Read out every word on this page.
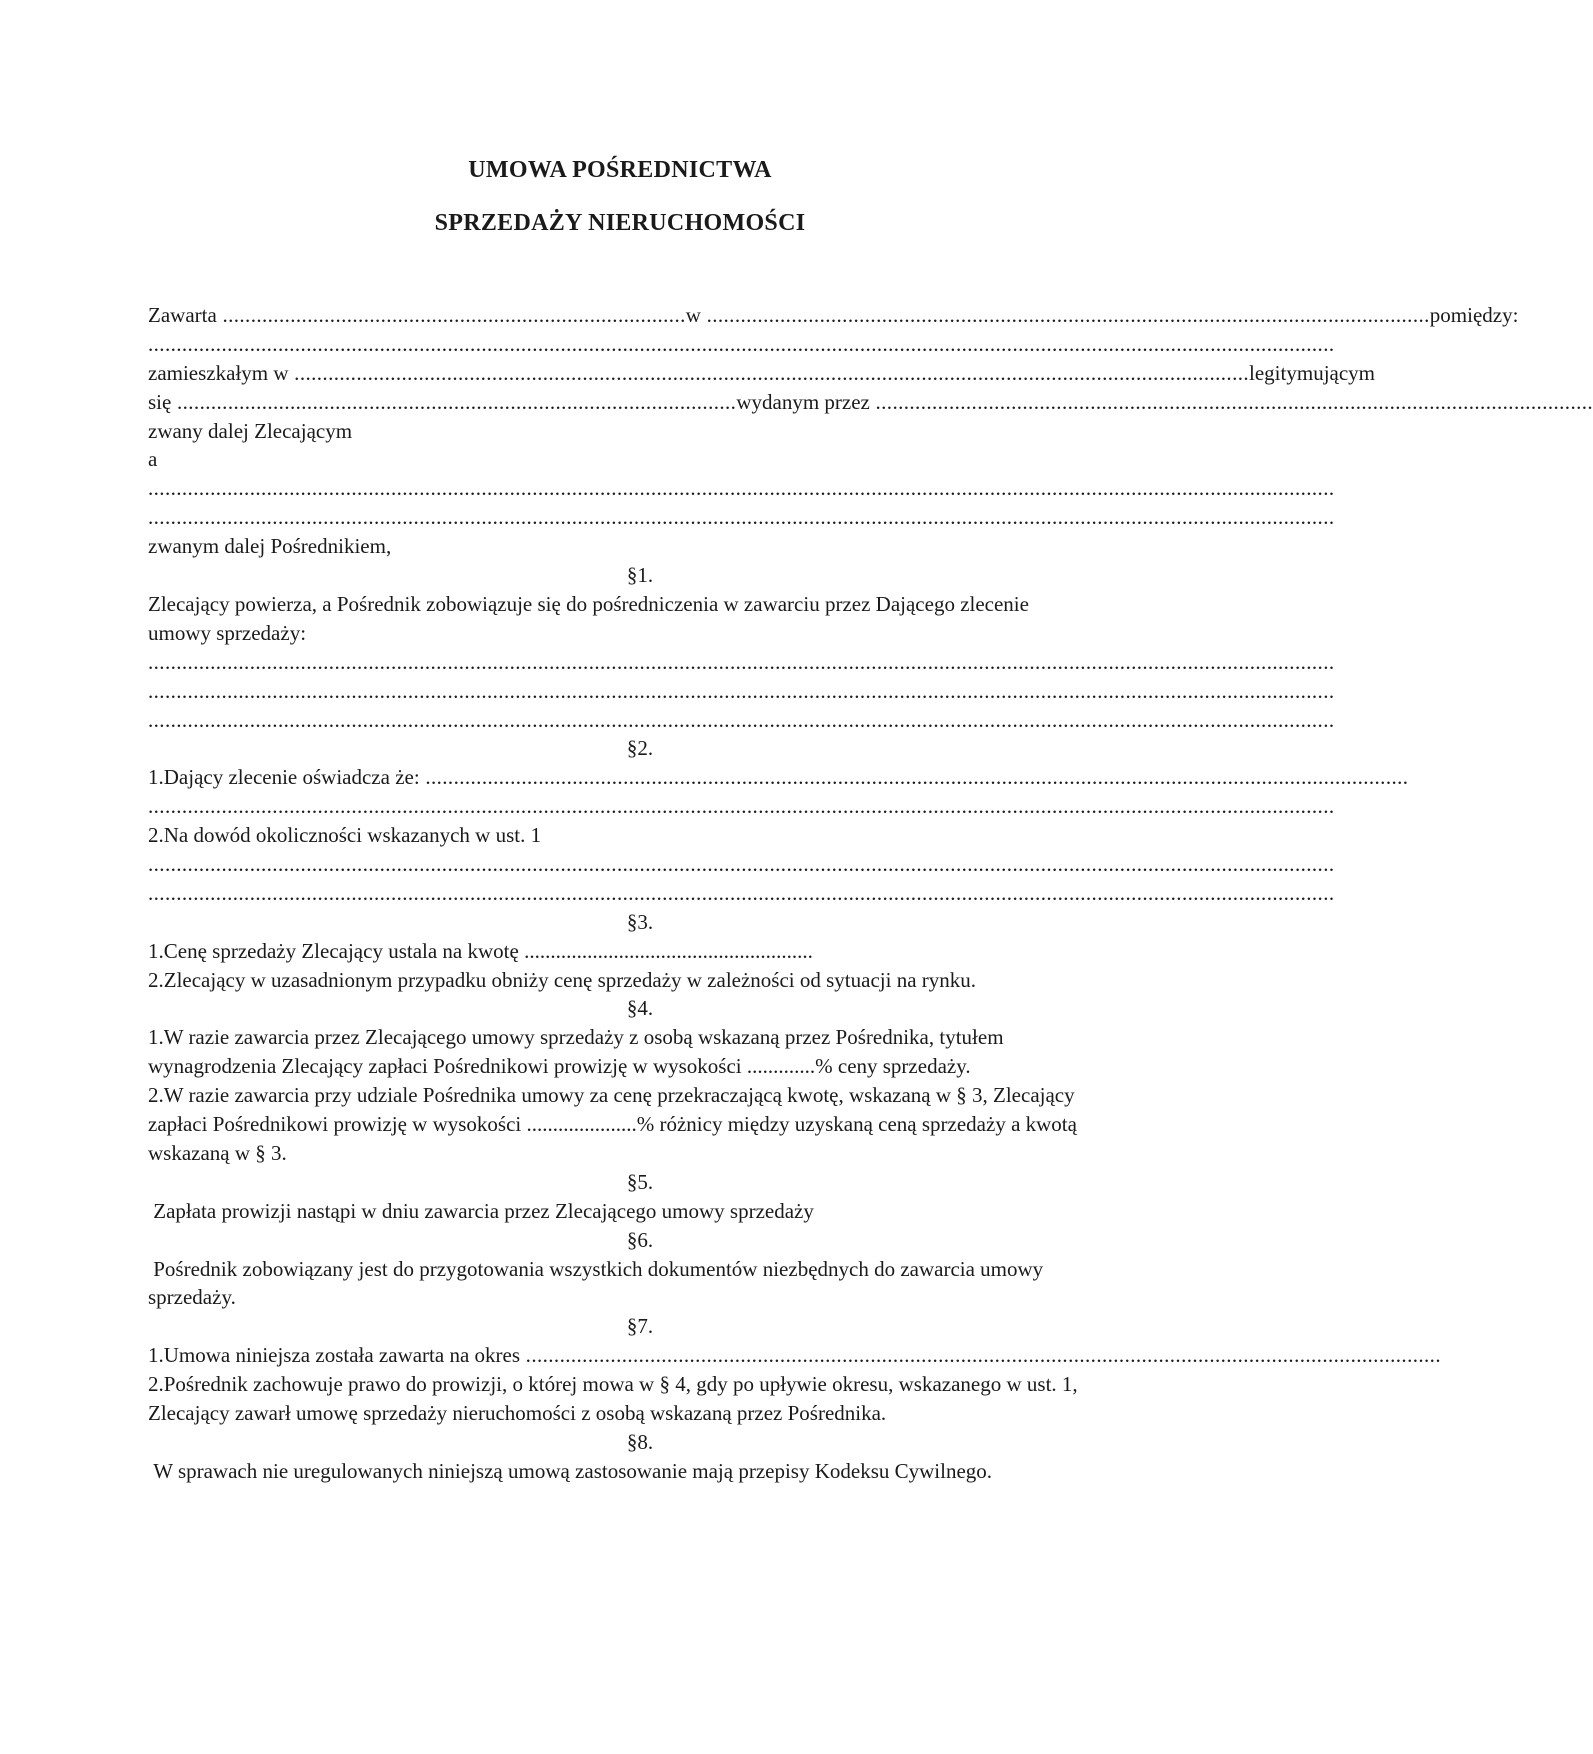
UMOWA POŚREDNICTWA
SPRZEDAŻY NIERUCHOMOŚCI
Zawarta .................................................................................. w ................................................................................................................................ pomiędzy:
..................................................................................................................................................................................................................
zamieszkałym w ......................................................................................................................................................................... legitymującym
się ................................................................................................... wydanym przez ...............................................................................................................................
zwany dalej Zlecającym
a
..................................................................................................................................................................................................................
..................................................................................................................................................................................................................
zwanym dalej Pośrednikiem,
§1.
Zlecający powierza, a Pośrednik zobowiązuje się do pośredniczenia w zawarciu przez Dającego zlecenie umowy sprzedaży:
..................................................................................................................................................................................................................
..................................................................................................................................................................................................................
..................................................................................................................................................................................................................
§2.
1.Dający zlecenie oświadcza że: ..............................................................................................................................................................................
..................................................................................................................................................................................................................
2.Na dowód okoliczności wskazanych w ust. 1
..................................................................................................................................................................................................................
..................................................................................................................................................................................................................
§3.
1.Cenę sprzedaży Zlecający ustala na kwotę .......................................................
2.Zlecający w uzasadnionym przypadku obniży cenę sprzedaży w zależności od sytuacji na rynku.
§4.
1.W razie zawarcia przez Zlecającego umowy sprzedaży z osobą wskazaną przez Pośrednika, tytułem wynagrodzenia Zlecający zapłaci Pośrednikowi prowizję w wysokości .............% ceny sprzedaży.
2.W razie zawarcia przy udziale Pośrednika umowy za cenę przekraczającą kwotę, wskazaną w § 3, Zlecający zapłaci Pośrednikowi prowizję w wysokości .....................% różnicy między uzyskaną ceną sprzedaży a kwotą wskazaną w § 3.
§5.
Zapłata prowizji nastąpi w dniu zawarcia przez Zlecającego umowy sprzedaży
§6.
Pośrednik zobowiązany jest do przygotowania wszystkich dokumentów niezbędnych do zawarcia umowy sprzedaży.
§7.
1.Umowa niniejsza została zawarta na okres ..................................................................................................................................................................
2.Pośrednik zachowuje prawo do prowizji, o której mowa w § 4, gdy po upływie okresu, wskazanego w ust. 1, Zlecający zawarł umowę sprzedaży nieruchomości z osobą wskazaną przez Pośrednika.
§8.
W sprawach nie uregulowanych niniejszą umową zastosowanie mają przepisy Kodeksu Cywilnego.
